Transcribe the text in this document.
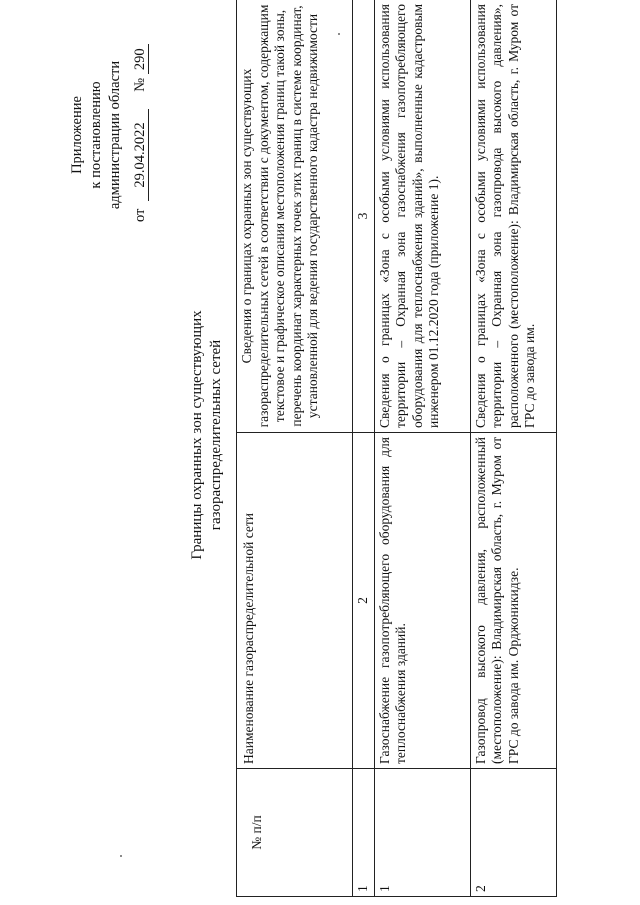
Приложение к постановлению администрации области
от 29.04.2022  № 290
Границы охранных зон существующих газораспределительных сетей
№ п/п	Наименование газораспределительной сети	Сведения о границах охранных зон существующих газораспределительных сетей в соответствии с документом, содержащим текстовое и графическое описания местоположения границ такой зоны, перечень координат характерных точек этих границ в системе координат, установленной для ведения государственного кадастра недвижимости
1	2	3
1	Газоснабжение газопотребляющего оборудования для теплоснабжения зданий.	Сведения о границах «Зона с особыми условиями использования территории – Охранная зона газоснабжения газопотребляющего оборудования для теплоснабжения зданий», выполненные кадастровым инженером 01.12.2020 года (приложение 1).
2	Газопровод высокого давления, расположенный (местоположение): Владимирская область, г. Муром от ГРС до завода им. Орджоникидзе.	Сведения о границах «Зона с особыми условиями использования территории – Охранная зона газопровода высокого давления», расположенного (местоположение): Владимирская область, г. Муром от ГРС до завода им.
